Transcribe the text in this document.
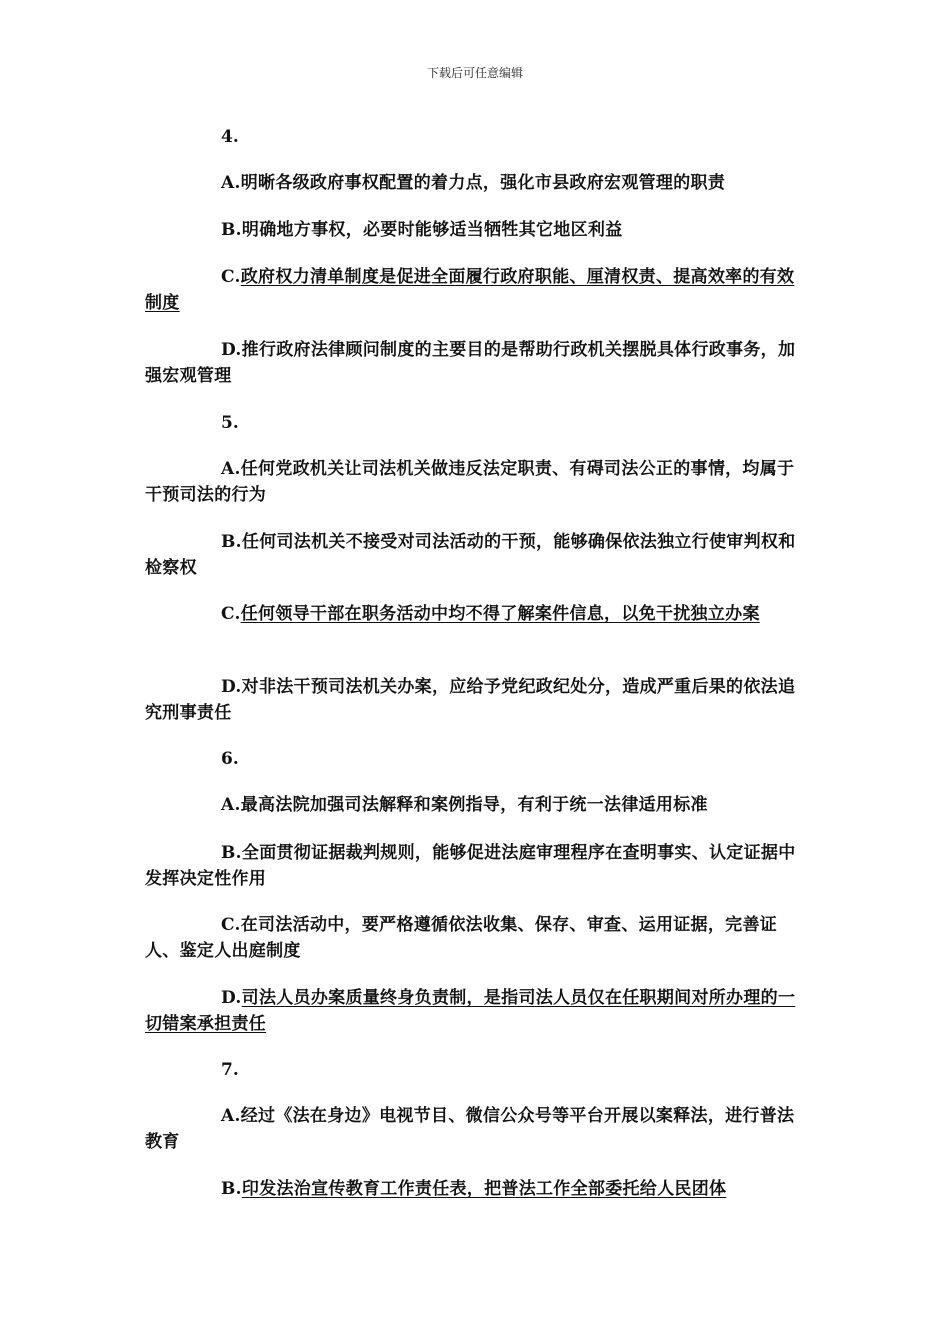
下载后可任意编辑
4.
A.明晰各级政府事权配置的着力点，强化市县政府宏观管理的职责
B.明确地方事权，必要时能够适当牺牲其它地区利益
C.政府权力清单制度是促进全面履行政府职能、厘清权责、提高效率的有效制度
D.推行政府法律顾问制度的主要目的是帮助行政机关摆脱具体行政事务，加强宏观管理
5.
A.任何党政机关让司法机关做违反法定职责、有碍司法公正的事情，均属于干预司法的行为
B.任何司法机关不接受对司法活动的干预，能够确保依法独立行使审判权和检察权
C.任何领导干部在职务活动中均不得了解案件信息，以免干扰独立办案
D.对非法干预司法机关办案，应给予党纪政纪处分，造成严重后果的依法追究刑事责任
6.
A.最高法院加强司法解释和案例指导，有利于统一法律适用标准
B.全面贯彻证据裁判规则，能够促进法庭审理程序在查明事实、认定证据中发挥决定性作用
C.在司法活动中，要严格遵循依法收集、保存、审查、运用证据，完善证人、鉴定人出庭制度
D.司法人员办案质量终身负责制，是指司法人员仅在任职期间对所办理的一切错案承担责任
7.
A.经过《法在身边》电视节目、微信公众号等平台开展以案释法，进行普法教育
B.印发法治宣传教育工作责任表，把普法工作全部委托给人民团体
